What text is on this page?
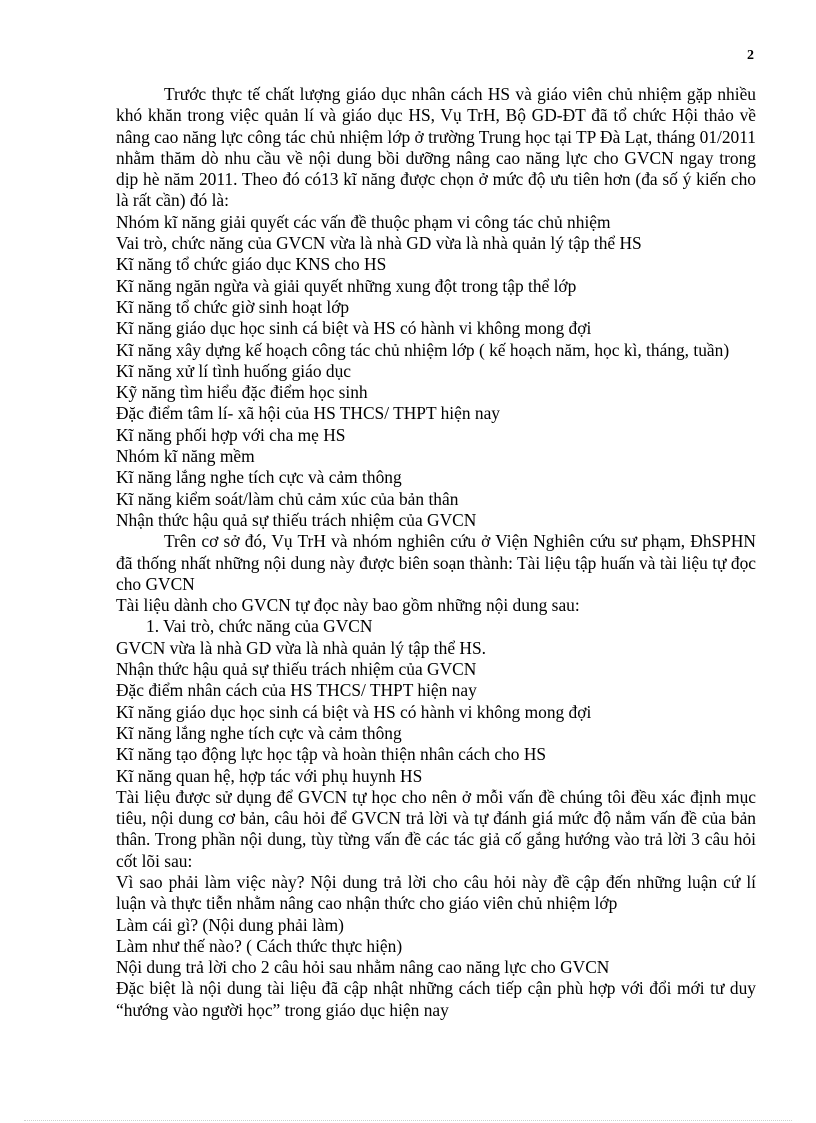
2

Trước thực tế chất lượng giáo dục nhân cách HS và giáo viên chủ nhiệm gặp nhiều khó khăn trong việc quản lí và giáo dục HS, Vụ TrH, Bộ GD-ĐT đã tổ chức Hội thảo về nâng cao năng lực công tác chủ nhiệm lớp ở trường Trung học tại TP Đà Lạt, tháng 01/2011 nhằm thăm dò nhu cầu về nội dung bồi dưỡng nâng cao năng lực cho GVCN ngay trong dịp hè năm 2011. Theo đó có13 kĩ năng được chọn ở mức độ ưu tiên hơn (đa số ý kiến cho là rất cần) đó là:

Nhóm kĩ năng giải quyết các vấn đề thuộc phạm vi công tác chủ nhiệm

Vai trò, chức năng của GVCN vừa là nhà GD vừa là nhà quản lý tập thể HS

Kĩ năng tổ chức giáo dục KNS cho HS

Kĩ năng ngăn ngừa và giải quyết những xung đột trong tập thể lớp

Kĩ năng tổ chức giờ sinh hoạt lớp

Kĩ năng giáo dục học sinh cá biệt và HS có hành vi không mong đợi

Kĩ năng xây dựng kế hoạch công tác chủ nhiệm lớp ( kế hoạch năm, học kì, tháng, tuần)

Kĩ năng xử lí tình huống giáo dục

Kỹ năng tìm hiểu đặc điểm học sinh

Đặc điểm tâm lí- xã hội của HS THCS/ THPT hiện nay

Kĩ năng phối hợp với cha mẹ HS

Nhóm kĩ năng mềm

Kĩ năng lắng nghe tích cực và cảm thông

Kĩ năng kiểm soát/làm chủ cảm xúc của bản thân

Nhận thức hậu quả sự thiếu trách nhiệm của GVCN

Trên cơ sở đó, Vụ TrH và nhóm nghiên cứu ở Viện Nghiên cứu sư phạm, ĐhSPHN đã thống nhất những nội dung này được biên soạn thành: Tài liệu tập huấn và tài liệu tự đọc cho GVCN

Tài liệu dành cho GVCN tự đọc này bao gồm những nội dung sau:

1. Vai trò, chức năng của GVCN

GVCN vừa là nhà GD vừa là nhà quản lý tập thể HS.

Nhận thức hậu quả sự thiếu trách nhiệm của GVCN

Đặc điểm nhân cách của HS THCS/ THPT hiện nay

Kĩ năng giáo dục học sinh cá biệt và HS có hành vi không mong đợi

Kĩ năng lắng nghe tích cực và cảm thông

Kĩ năng tạo động lực học tập và hoàn thiện nhân cách cho HS

Kĩ năng quan hệ, hợp tác với phụ huynh HS

Tài liệu được sử dụng để GVCN tự học cho nên ở mỗi vấn đề chúng tôi đều xác định mục tiêu, nội dung cơ bản, câu hỏi để GVCN trả lời và tự đánh giá mức độ nắm vấn đề của bản thân. Trong phần nội dung, tùy từng vấn đề các tác giả cố gắng hướng vào trả lời 3 câu hỏi cốt lõi sau:

Vì sao phải làm việc này? Nội dung trả lời cho câu hỏi này đề cập đến những luận cứ lí luận và thực tiễn nhằm nâng cao nhận thức cho giáo viên chủ nhiệm lớp

Làm cái gì? (Nội dung phải làm)

Làm như thế nào? ( Cách thức thực hiện)

Nội dung trả lời cho 2 câu hỏi sau nhằm nâng cao năng lực cho GVCN

Đặc biệt là nội dung tài liệu đã cập nhật những cách tiếp cận phù hợp với đổi mới tư duy “hướng vào người học” trong giáo dục hiện nay
